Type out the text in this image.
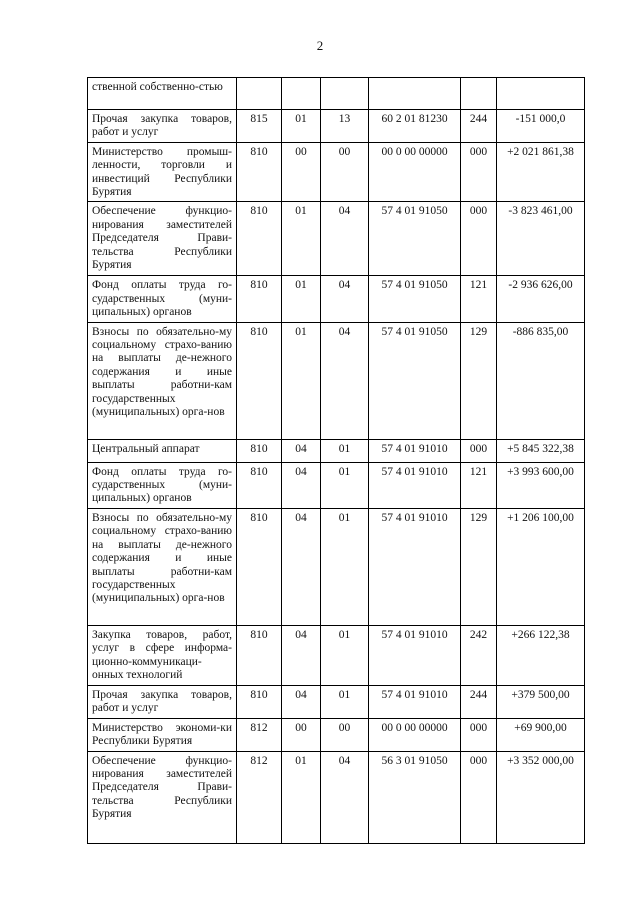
2
ственной собственно-стью						
Прочая закупка товаров, работ и услуг	815	01	13	60 2 01 81230	244	-151 000,0
Министерство промыш-ленности, торговли и инвестиций Республики Бурятия	810	00	00	00 0 00 00000	000	+2 021 861,38
Обеспечение функцио-нирования заместителей Председателя Прави-тельства Республики Бурятия	810	01	04	57 4 01 91050	000	-3 823 461,00
Фонд оплаты труда го-сударственных (муни-ципальных) органов	810	01	04	57 4 01 91050	121	-2 936 626,00
Взносы по обязательно-му социальному страхо-ванию на выплаты де-нежного содержания и иные выплаты работни-кам государственных (муниципальных) орга-нов	810	01	04	57 4 01 91050	129	-886 835,00
Центральный аппарат	810	04	01	57 4 01 91010	000	+5 845 322,38
Фонд оплаты труда го-сударственных (муни-ципальных) органов	810	04	01	57 4 01 91010	121	+3 993 600,00
Взносы по обязательно-му социальному страхо-ванию на выплаты де-нежного содержания и иные выплаты работни-кам государственных (муниципальных) орга-нов	810	04	01	57 4 01 91010	129	+1 206 100,00
Закупка товаров, работ, услуг в сфере информа-ционно-коммуникаци-онных технологий	810	04	01	57 4 01 91010	242	+266 122,38
Прочая закупка товаров, работ и услуг	810	04	01	57 4 01 91010	244	+379 500,00
Министерство экономи-ки Республики Бурятия	812	00	00	00 0 00 00000	000	+69 900,00
Обеспечение функцио-нирования заместителей Председателя Прави-тельства Республики Бурятия	812	01	04	56 3 01 91050	000	+3 352 000,00
